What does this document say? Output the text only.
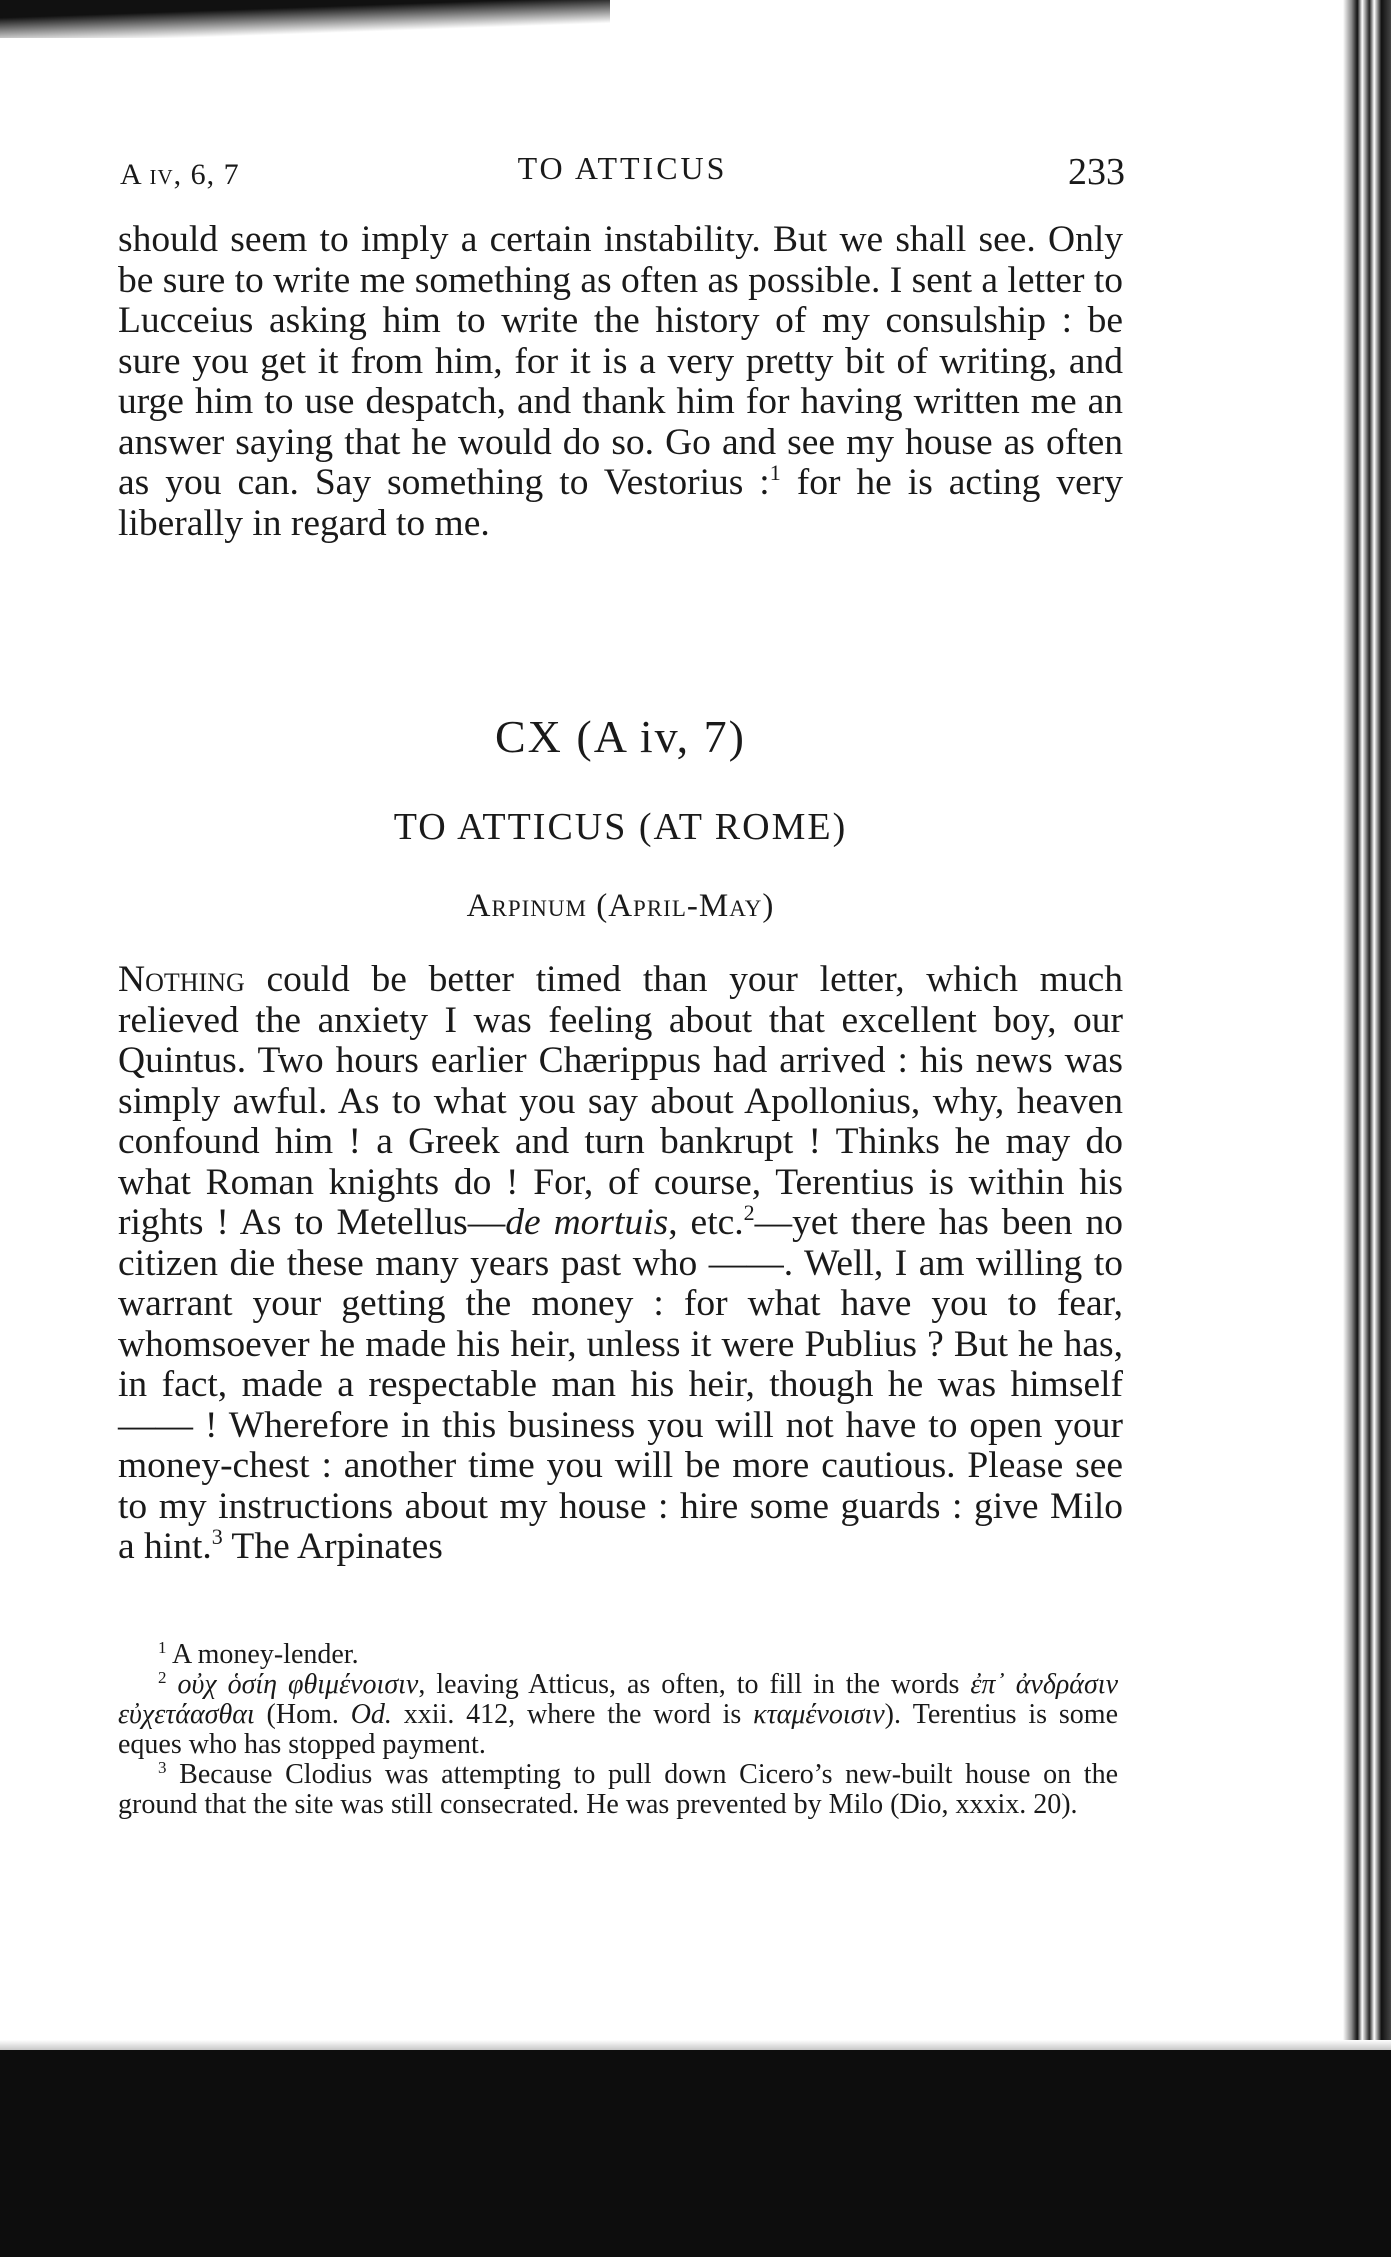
A iv, 6, 7	TO ATTICUS	233

should seem to imply a certain instability. But we shall see. Only be sure to write me something as often as possible. I sent a letter to Lucceius asking him to write the history of my consulship : be sure you get it from him, for it is a very pretty bit of writing, and urge him to use despatch, and thank him for having written me an answer saying that he would do so. Go and see my house as often as you can. Say something to Vestorius :$^1$ for he is acting very liberally in regard to me.

CX (A iv, 7)
TO ATTICUS (AT ROME)
Arpinum (April-May)

Nothing could be better timed than your letter, which much relieved the anxiety I was feeling about that excellent boy, our Quintus. Two hours earlier Chærippus had arrived : his news was simply awful. As to what you say about Apollonius, why, heaven confound him ! a Greek and turn bankrupt ! Thinks he may do what Roman knights do ! For, of course, Terentius is within his rights ! As to Metellus—de mortuis, etc.$^2$—yet there has been no citizen die these many years past who ——. Well, I am willing to warrant your getting the money : for what have you to fear, whomsoever he made his heir, unless it were Publius ? But he has, in fact, made a respectable man his heir, though he was himself —— ! Wherefore in this business you will not have to open your money-chest : another time you will be more cautious. Please see to my instructions about my house : hire some guards : give Milo a hint.$^3$ The Arpinates

$^1$ A money-lender.

$^2$ οὐχ ὁσίη φθιμένοισιν, leaving Atticus, as often, to fill in the words ἐπ᾽ ἀνδράσιν εὐχετάασθαι (Hom. Od. xxii. 412, where the word is κταμένοισιν). Terentius is some eques who has stopped payment.

$^3$ Because Clodius was attempting to pull down Cicero’s new-built house on the ground that the site was still consecrated. He was prevented by Milo (Dio, xxxix. 20).
